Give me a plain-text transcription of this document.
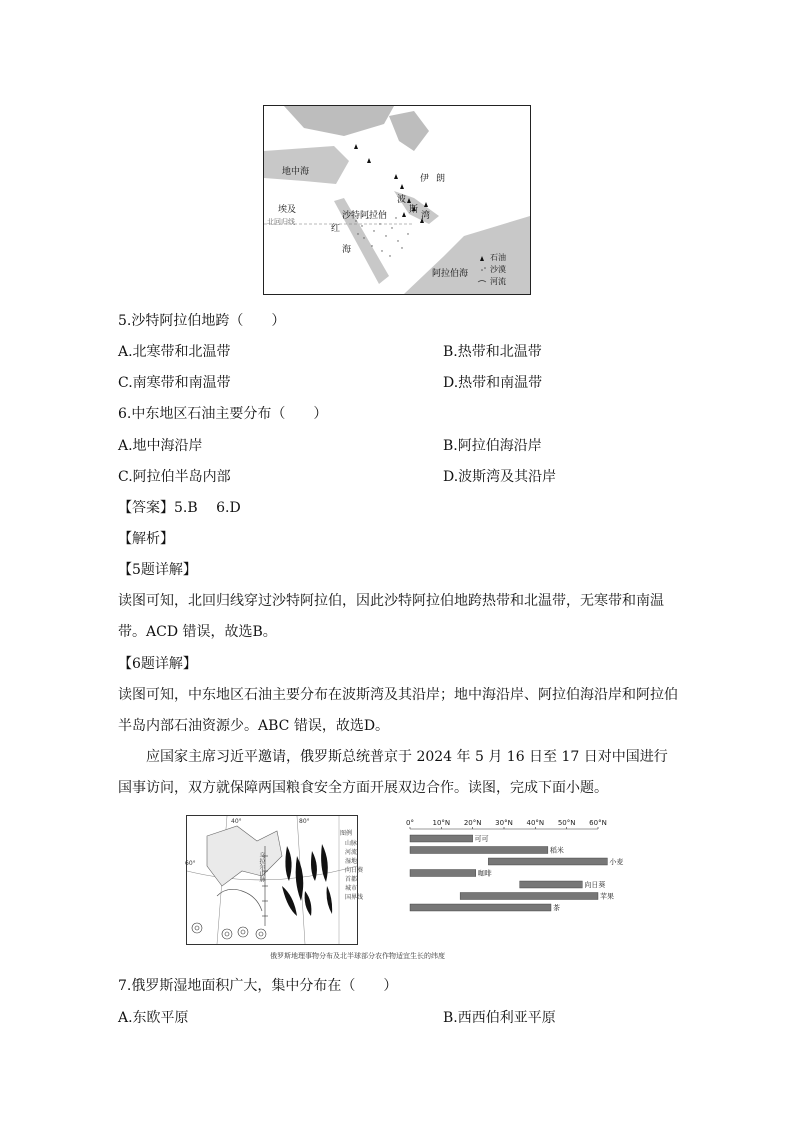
地中海
埃及
北回归线
红
海
沙特阿拉伯
伊 朗
波
斯
湾
阿拉伯海
石油
沙漠
河流
5.沙特阿拉伯地跨（　　）
A.北寒带和北温带	B.热带和北温带
C.南寒带和南温带	D.热带和南温带
6.中东地区石油主要分布（　　）
A.地中海沿岸	B.阿拉伯海沿岸
C.阿拉伯半岛内部	D.波斯湾及其沿岸
【答案】5.B　 6.D
【解析】
【5题详解】
读图可知，北回归线穿过沙特阿拉伯，因此沙特阿拉伯地跨热带和北温带，无寒带和南温带。ACD 错误，故选B。
【6题详解】
读图可知，中东地区石油主要分布在波斯湾及其沿岸；地中海沿岸、阿拉伯海沿岸和阿拉伯半岛内部石油资源少。ABC 错误，故选D。
应国家主席习近平邀请，俄罗斯总统普京于 2024 年 5 月 16 日至 17 日对中国进行国事访问，双方就保障两国粮食安全方面开展双边合作。读图，完成下面小题。
40°	80°
60°	乌拉尔山脉
图例
山脉
河流
湿地
向日葵
首都
城市
国界线
0°	10°N 20°N 30°N 40°N 50°N 60°N
可可
稻米
小麦
咖啡
向日葵
苹果
茶
俄罗斯地理事物分布及北半球部分农作物适宜生长的纬度
7.俄罗斯湿地面积广大，集中分布在（　　）
A.东欧平原	B.西西伯利亚平原
